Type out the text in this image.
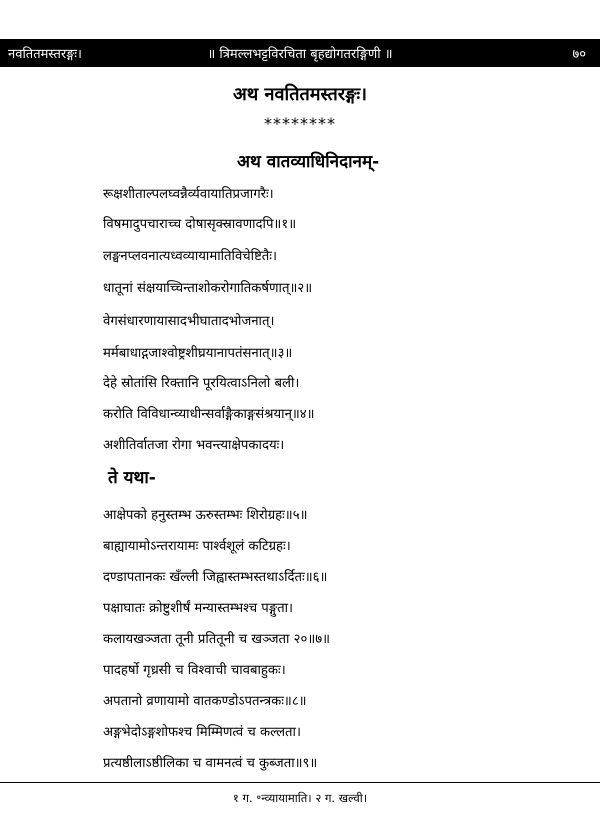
नवतितमस्तरङ्गः।	॥ त्रिमल्लभट्टविरचिता बृहद्योगतरङ्गिणी ॥	७०
अथ नवतितमस्तरङ्गः।
********
अथ वातव्याधिनिदानम्-
रूक्षशीताल्पलघ्वन्नैर्व्यवायातिप्रजागरैः।
विषमादुपचाराच्च दोषासृक्स्रावणादपि॥१॥
लङ्घनप्लवनात्यध्वव्यायामातिविचेष्टितैः।
धातूनां संक्षयाच्चिन्ताशोकरोगातिकर्षणात्॥२॥
वेगसंधारणायासादभीघातादभोजनात्।
मर्मबाधाद्गजाश्वोष्ट्रशीघ्रयानापतंसनात्॥३॥
देहे स्रोतांसि रिक्तानि पूरयित्वाऽनिलो बली।
करोति विविधान्व्याधीन्सर्वाङ्गैकाङ्गसंश्रयान्॥४॥
अशीतिर्वातजा रोगा भवन्त्याक्षेपकादयः।
ते यथा-
आक्षेपको हनुस्तम्भ ऊरुस्तम्भः शिरोग्रहः॥५॥
बाह्यायामोऽन्तरायामः पार्श्वशूलं कटिग्रहः।
दण्डापतानकः खँल्ली जिह्वास्तम्भस्तथाऽर्दितः॥६॥
पक्षाघातः क्रोष्टुशीर्षं मन्यास्तम्भश्च पङ्गुता।
कलायखञ्जता तूनी प्रतितूनी च खञ्जता २०॥७॥
पादहर्षो गृध्रसी च विश्वाची चावबाहुकः।
अपतानो व्रणायामो वातकण्डोऽपतन्त्रकः॥८॥
अङ्गभेदोऽङ्गशोफश्च मिम्मिणत्वं च कल्लता।
प्रत्यष्ठीलाऽष्ठीलिका च वामनत्वं च कुब्जता॥९॥
१ ग. ॰न्व्यायामाति। २ ग. खल्वी।
